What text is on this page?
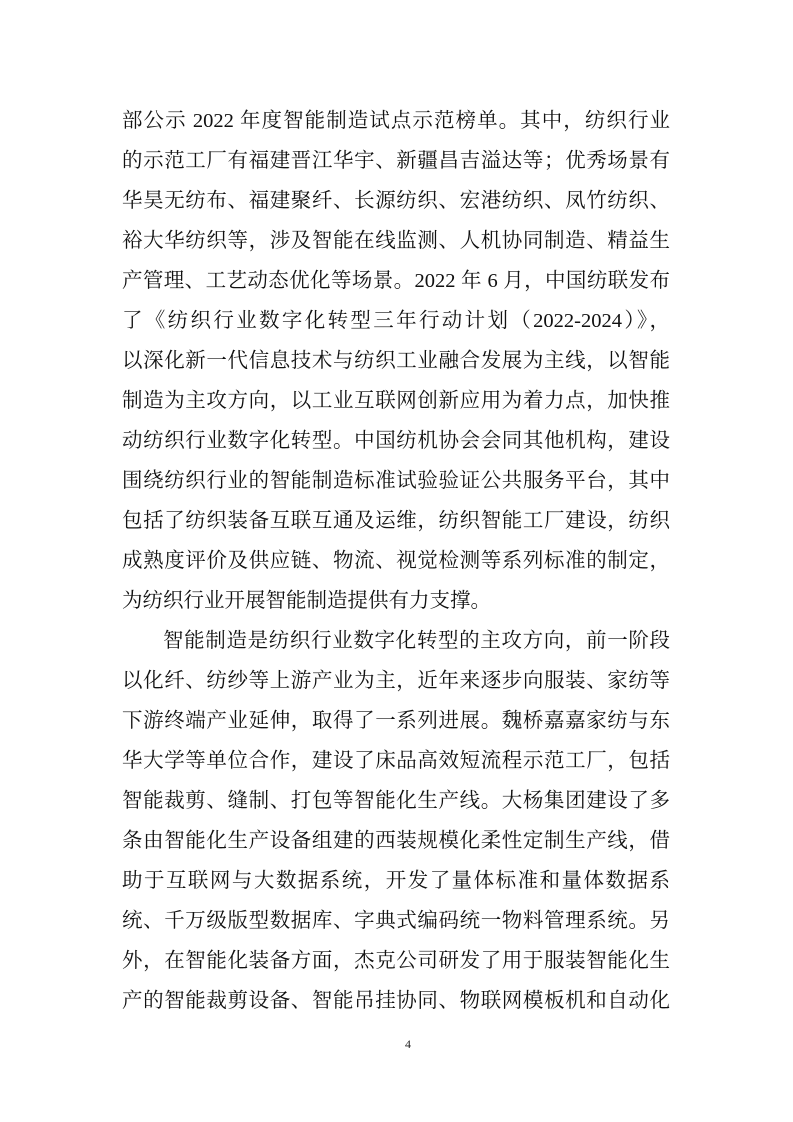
部公示 2022 年度智能制造试点示范榜单。其中，纺织行业
的示范工厂有福建晋江华宇、新疆昌吉溢达等；优秀场景有
华昊无纺布、福建聚纤、长源纺织、宏港纺织、凤竹纺织、
裕大华纺织等，涉及智能在线监测、人机协同制造、精益生
产管理、工艺动态优化等场景。2022 年 6 月，中国纺联发布
了《纺织行业数字化转型三年行动计划（2022-2024）》，
以深化新一代信息技术与纺织工业融合发展为主线，以智能
制造为主攻方向，以工业互联网创新应用为着力点，加快推
动纺织行业数字化转型。中国纺机协会会同其他机构，建设
围绕纺织行业的智能制造标准试验验证公共服务平台，其中
包括了纺织装备互联互通及运维，纺织智能工厂建设，纺织
成熟度评价及供应链、物流、视觉检测等系列标准的制定，
为纺织行业开展智能制造提供有力支撑。
智能制造是纺织行业数字化转型的主攻方向，前一阶段
以化纤、纺纱等上游产业为主，近年来逐步向服装、家纺等
下游终端产业延伸，取得了一系列进展。魏桥嘉嘉家纺与东
华大学等单位合作，建设了床品高效短流程示范工厂，包括
智能裁剪、缝制、打包等智能化生产线。大杨集团建设了多
条由智能化生产设备组建的西装规模化柔性定制生产线，借
助于互联网与大数据系统，开发了量体标准和量体数据系
统、千万级版型数据库、字典式编码统一物料管理系统。另
外，在智能化装备方面，杰克公司研发了用于服装智能化生
产的智能裁剪设备、智能吊挂协同、物联网模板机和自动化
4
